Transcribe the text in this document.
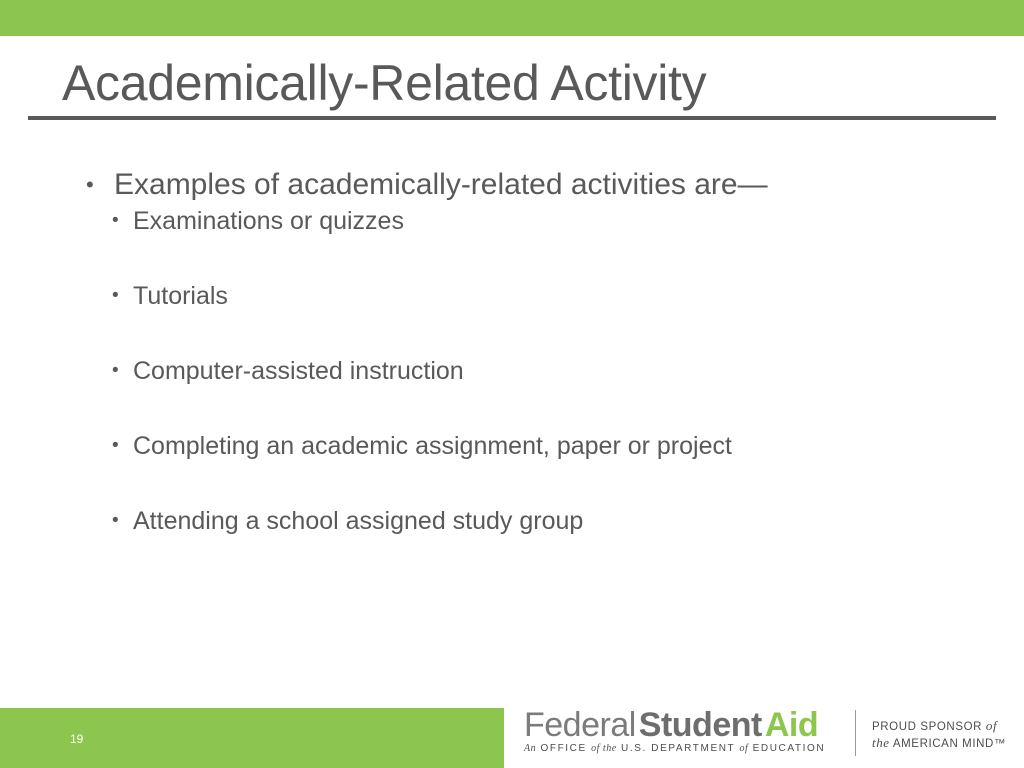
Academically-Related Activity
• Examples of academically-related activities are—
• Examinations or quizzes
• Tutorials
• Computer-assisted instruction
• Completing an academic assignment, paper or project
• Attending a school assigned study group
19	FederalStudentAid
An OFFICE of the U.S. DEPARTMENT of EDUCATION
PROUD SPONSOR of
the AMERICAN MIND™
